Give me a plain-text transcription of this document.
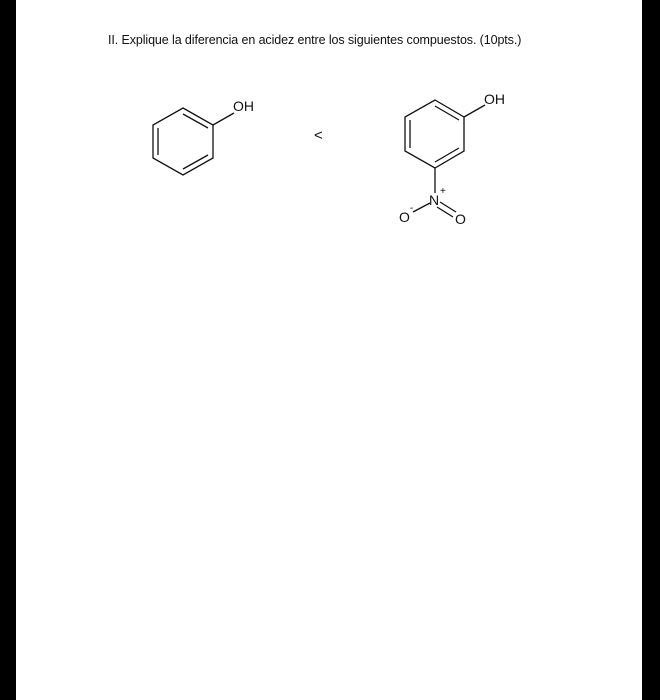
II. Explique la diferencia en acidez entre los siguientes compuestos. (10pts.)
OH
<
OH
N
+
O
-
O
